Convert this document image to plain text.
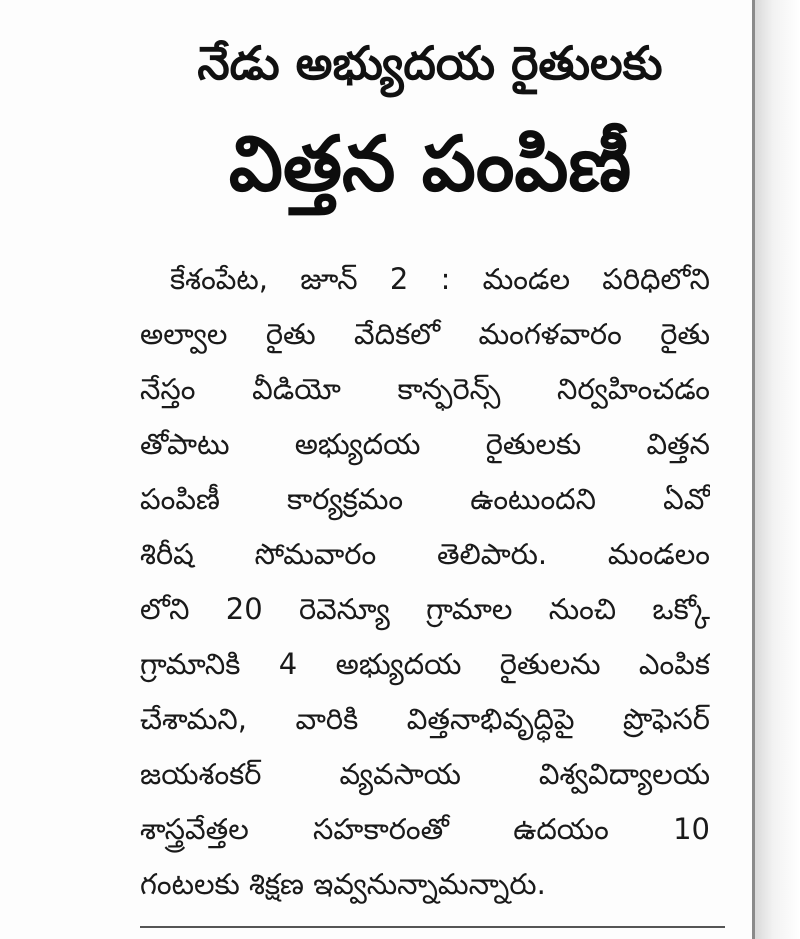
నేడు అభ్యుదయ రైతులకు
విత్తన పంపిణీ
కేశంపేట, జూన్ 2 : మండల పరిధిలోని
అల్వాల రైతు వేదికలో మంగళవారం రైతు
నేస్తం వీడియో కాన్ఫరెన్స్ నిర్వహించడం
తోపాటు అభ్యుదయ రైతులకు విత్తన
పంపిణీ కార్యక్రమం ఉంటుందని ఏవో
శిరీష సోమవారం తెలిపారు. మండలం
లోని 20 రెవెన్యూ గ్రామాల నుంచి ఒక్కో
గ్రామానికి 4 అభ్యుదయ రైతులను ఎంపిక
చేశామని, వారికి విత్తనాభివృద్ధిపై ప్రొఫెసర్
జయశంకర్ వ్యవసాయ విశ్వవిద్యాలయ
శాస్త్రవేత్తల సహకారంతో ఉదయం 10
గంటలకు శిక్షణ ఇవ్వనున్నామన్నారు.
